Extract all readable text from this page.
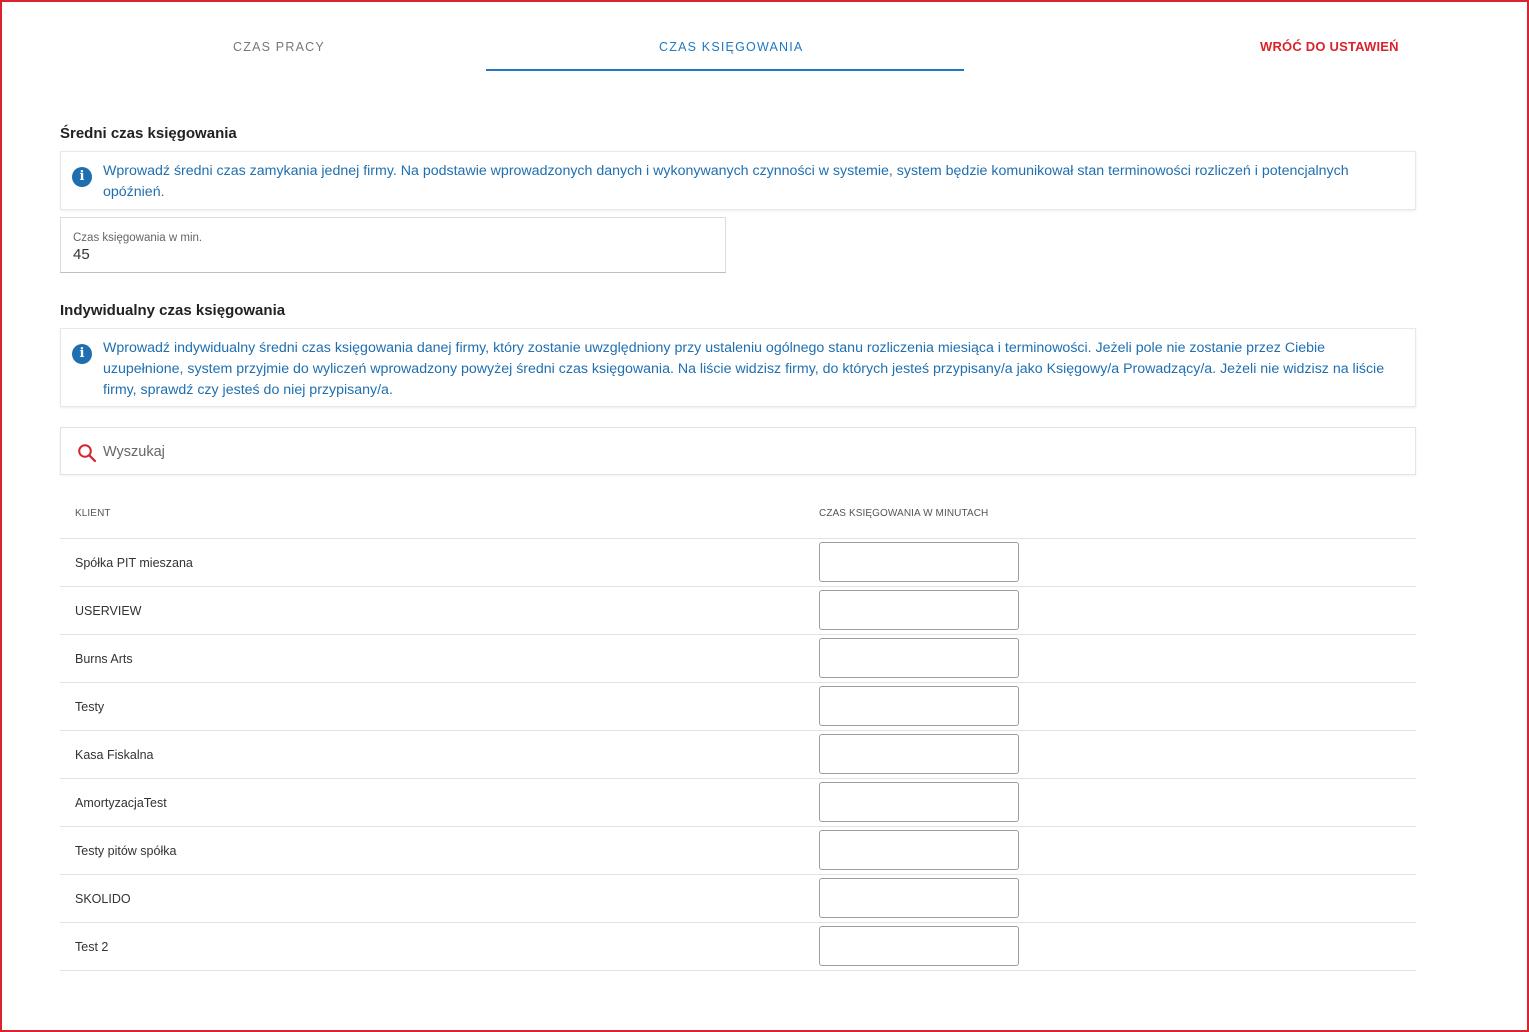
CZAS PRACY	CZAS KSIĘGOWANIA	WRÓĆ DO USTAWIEŃ
Średni czas księgowania
i	Wprowadź średni czas zamykania jednej firmy. Na podstawie wprowadzonych danych i wykonywanych czynności w systemie, system będzie komunikował stan terminowości rozliczeń i potencjalnych opóźnień.
Czas księgowania w min.
45
Indywidualny czas księgowania
i	Wprowadź indywidualny średni czas księgowania danej firmy, który zostanie uwzględniony przy ustaleniu ogólnego stanu rozliczenia miesiąca i terminowości. Jeżeli pole nie zostanie przez Ciebie uzupełnione, system przyjmie do wyliczeń wprowadzony powyżej średni czas księgowania. Na liście widzisz firmy, do których jesteś przypisany/a jako Księgowy/a Prowadzący/a. Jeżeli nie widzisz na liście firmy, sprawdź czy jesteś do niej przypisany/a.
Wyszukaj
KLIENT	CZAS KSIĘGOWANIA W MINUTACH
Spółka PIT mieszana
USERVIEW
Burns Arts
Testy
Kasa Fiskalna
AmortyzacjaTest
Testy pitów spółka
SKOLIDO
Test 2
